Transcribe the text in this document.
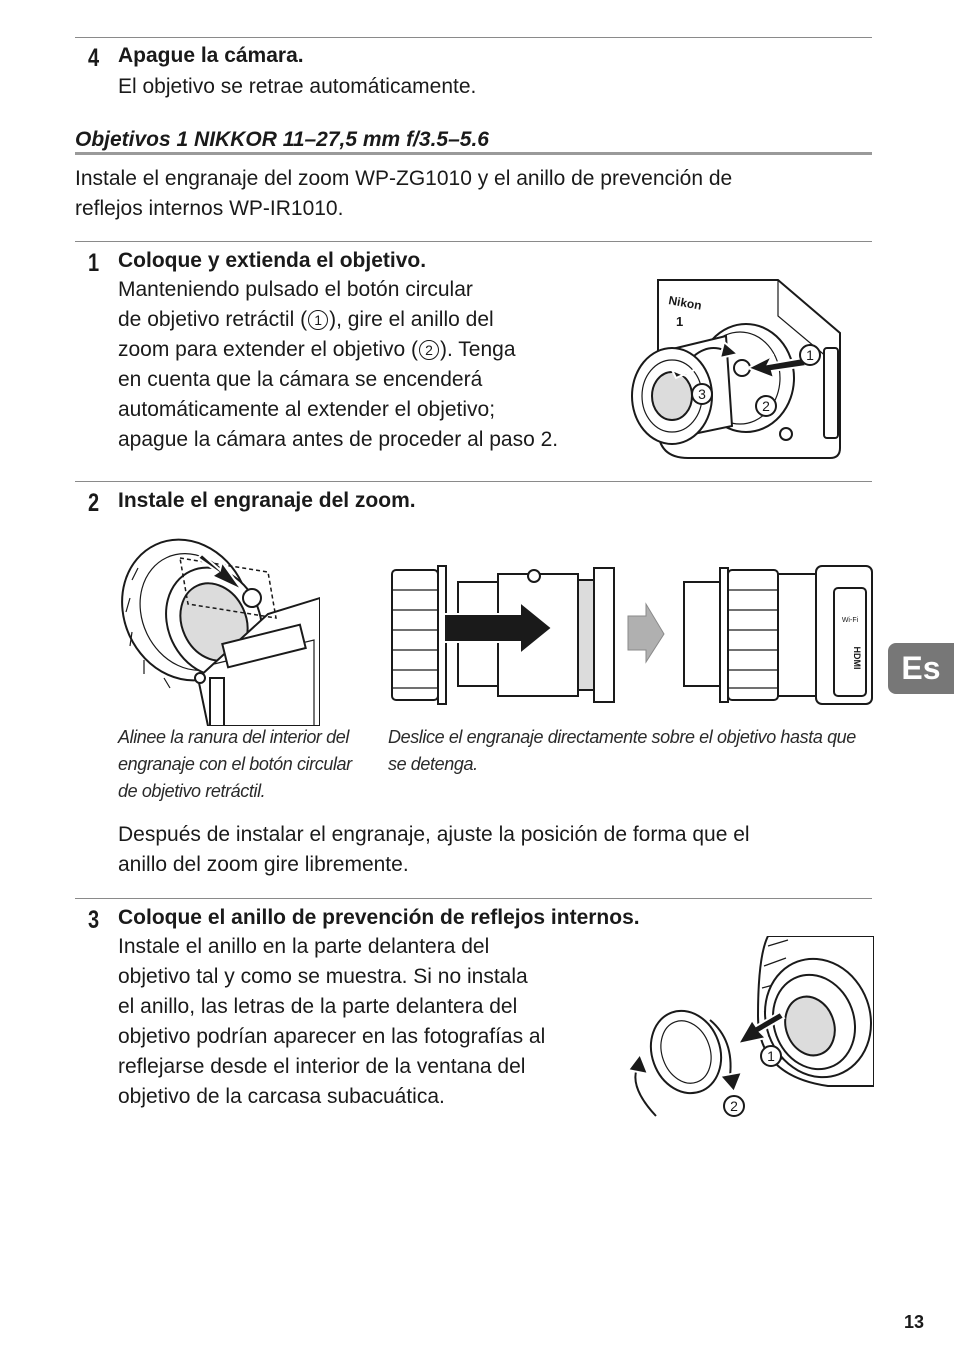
4 Apague la cámara.
El objetivo se retrae automáticamente.
Objetivos 1 NIKKOR 11–27,5 mm f/3.5–5.6
Instale el engranaje del zoom WP-ZG1010 y el anillo de prevención de
reflejos internos WP-IR1010.
1 Coloque y extienda el objetivo.
Manteniendo pulsado el botón circular
de objetivo retráctil ( 1 ), gire el anillo del
zoom para extender el objetivo ( 2 ). Tenga
en cuenta que la cámara se encenderá
automáticamente al extender el objetivo;
apague la cámara antes de proceder al paso 2.
Nikon
1
1
2
3
2 Instale el engranaje del zoom.
Wi-Fi
HDMI
Alinee la ranura del interior del
engranaje con el botón circular
de objetivo retráctil.
Deslice el engranaje directamente sobre el objetivo hasta que
se detenga.
Después de instalar el engranaje, ajuste la posición de forma que el
anillo del zoom gire libremente.
3 Coloque el anillo de prevención de reflejos internos.
Instale el anillo en la parte delantera del
objetivo tal y como se muestra. Si no instala
el anillo, las letras de la parte delantera del
objetivo podrían aparecer en las fotografías al
reflejarse desde el interior de la ventana del
objetivo de la carcasa subacuática.
1
2
Es
13
